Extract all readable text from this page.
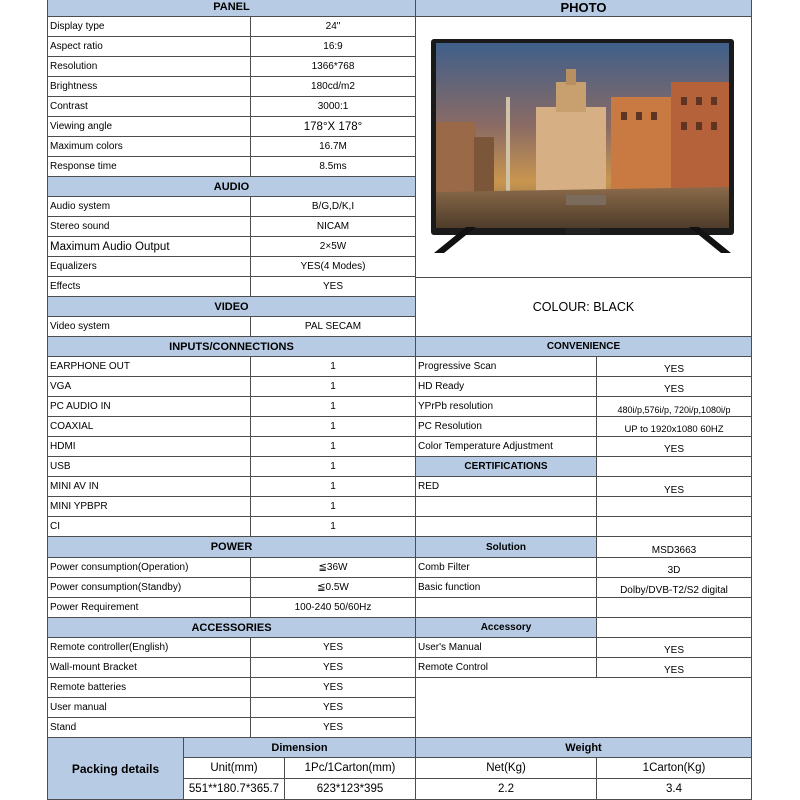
PANEL
Display type	24"
Aspect ratio	16:9
Resolution	1366*768
Brightness	180cd/m2
Contrast	3000:1
Viewing angle	178°X 178°
Maximum colors	16.7M
Response time	8.5ms
AUDIO
Audio system	B/G,D/K,I
Stereo sound	NICAM
Maximum Audio Output	2×5W
Equalizers	YES(4 Modes)
Effects	YES
VIDEO
Video system	PAL SECAM
INPUTS/CONNECTIONS
EARPHONE OUT	1
VGA	1
PC AUDIO IN	1
COAXIAL	1
HDMI	1
USB	1
MINI AV IN	1
MINI YPBPR	1
CI	1
POWER
Power consumption(Operation)	≦36W
Power consumption(Standby)	≦0.5W
Power Requirement	100-240 50/60Hz
ACCESSORIES
Remote controller(English)	YES
Wall-mount Bracket	YES
Remote batteries	YES
User manual	YES
Stand	YES
PHOTO
COLOUR: BLACK
CONVENIENCE
Progressive Scan	YES
HD Ready	YES
YPrPb resolution	480i/p,576i/p, 720i/p,1080i/p
PC Resolution	UP to 1920x1080 60HZ
Color Temperature Adjustment	YES
CERTIFICATIONS
RED	YES
Solution	MSD3663
Comb Filter	3D
Basic function	Dolby/DVB-T2/S2 digital
Accessory
User's Manual	YES
Remote Control	YES
Packing details
Dimension
Unit(mm)	1Pc/1Carton(mm)
551**180.7*365.7	623*123*395
Weight
Net(Kg)	1Carton(Kg)
2.2	3.4
